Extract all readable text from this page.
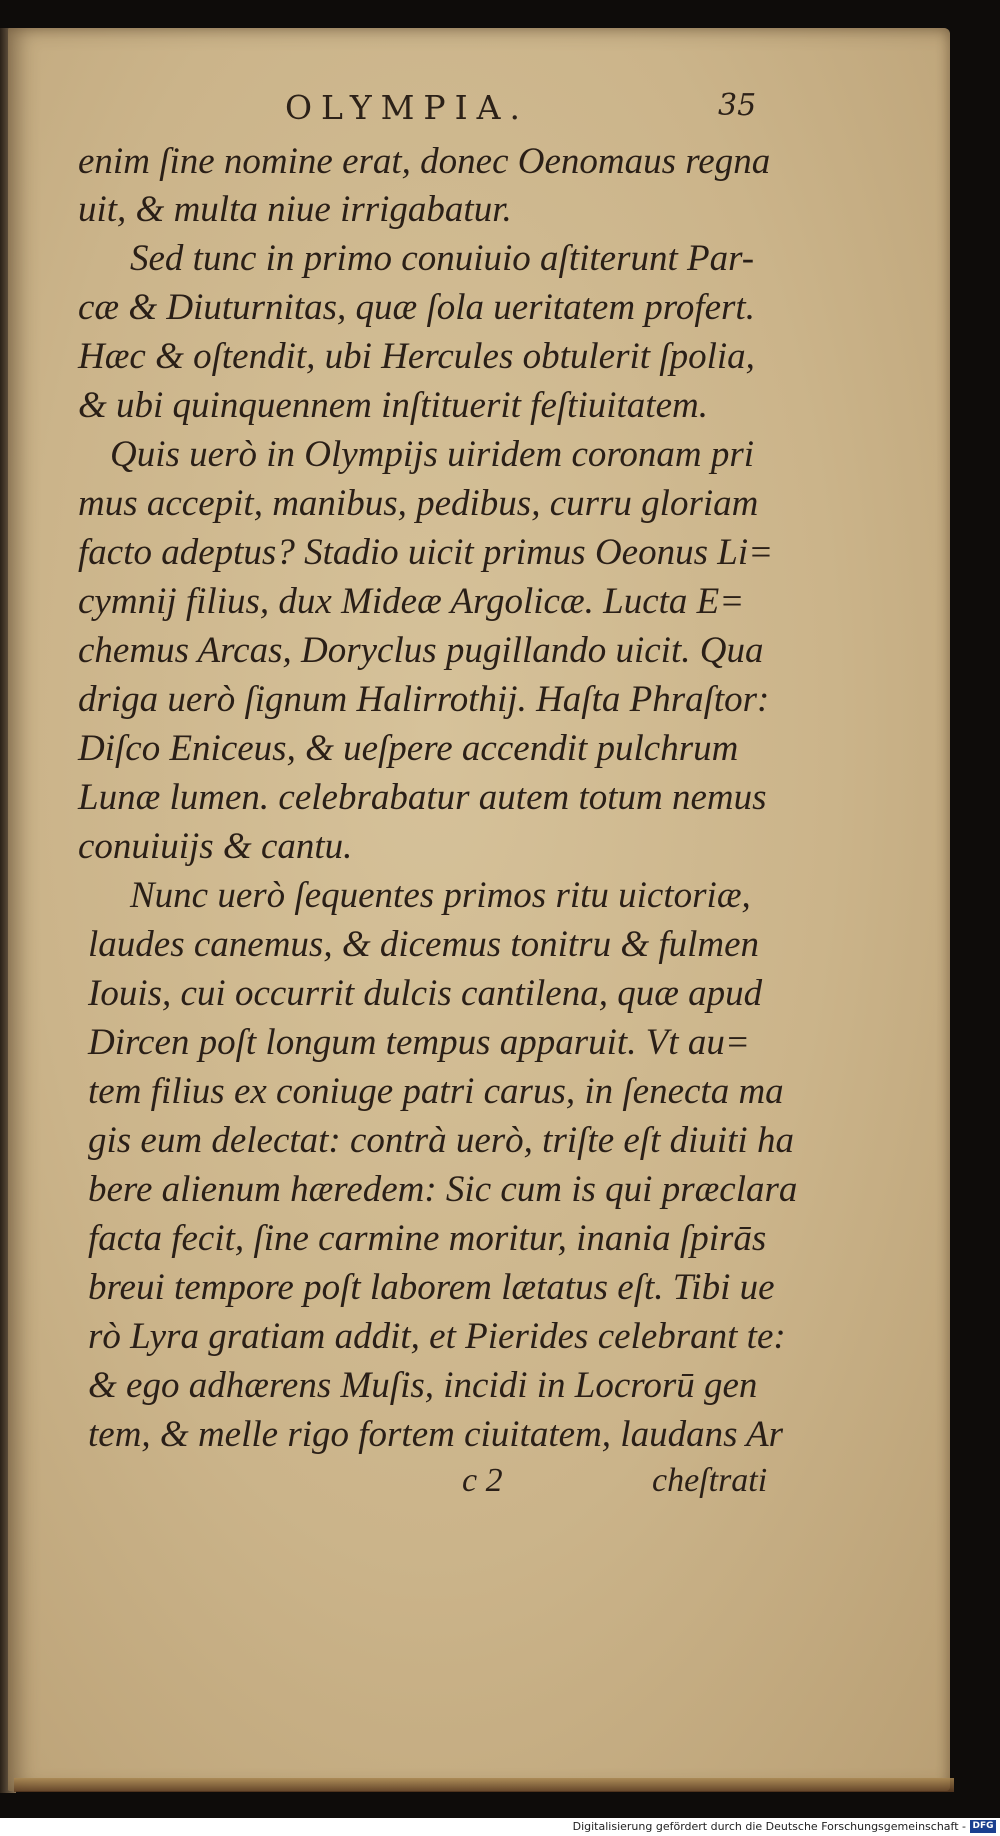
OLYMPIA.	35
enim ſine nomine erat, donec Oenomaus regna
uit, & multa niue irrigabatur.
Sed tunc in primo conuiuio aſtiterunt Par-
cæ & Diuturnitas, quæ ſola ueritatem profert.
Hæc & oſtendit, ubi Hercules obtulerit ſpolia,
& ubi quinquennem inſtituerit feſtiuitatem.
Quis uerò in Olympijs uiridem coronam pri
mus accepit, manibus, pedibus, curru gloriam
facto adeptus? Stadio uicit primus Oeonus Li=
cymnij filius, dux Mideæ Argolicæ. Lucta E=
chemus Arcas, Doryclus pugillando uicit. Qua
driga uerò ſignum Halirrothij. Haſta Phraſtor:
Diſco Eniceus, & ueſpere accendit pulchrum
Lunæ lumen. celebrabatur autem totum nemus
conuiuijs & cantu.
Nunc uerò ſequentes primos ritu uictoriæ,
laudes canemus, & dicemus tonitru & fulmen
Iouis, cui occurrit dulcis cantilena, quæ apud
Dircen poſt longum tempus apparuit. Vt au=
tem filius ex coniuge patri carus, in ſenecta ma
gis eum delectat: contrà uerò, triſte eſt diuiti ha
bere alienum hæredem: Sic cum is qui præclara
facta fecit, ſine carmine moritur, inania ſpirās
breui tempore poſt laborem lætatus eſt. Tibi ue
rò Lyra gratiam addit, et Pierides celebrant te:
& ego adhærens Muſis, incidi in Locrorū gen
tem, & melle rigo fortem ciuitatem, laudans Ar
c 2	cheſtrati
Digitalisierung gefördert durch die Deutsche Forschungsgemeinschaft - DFG
